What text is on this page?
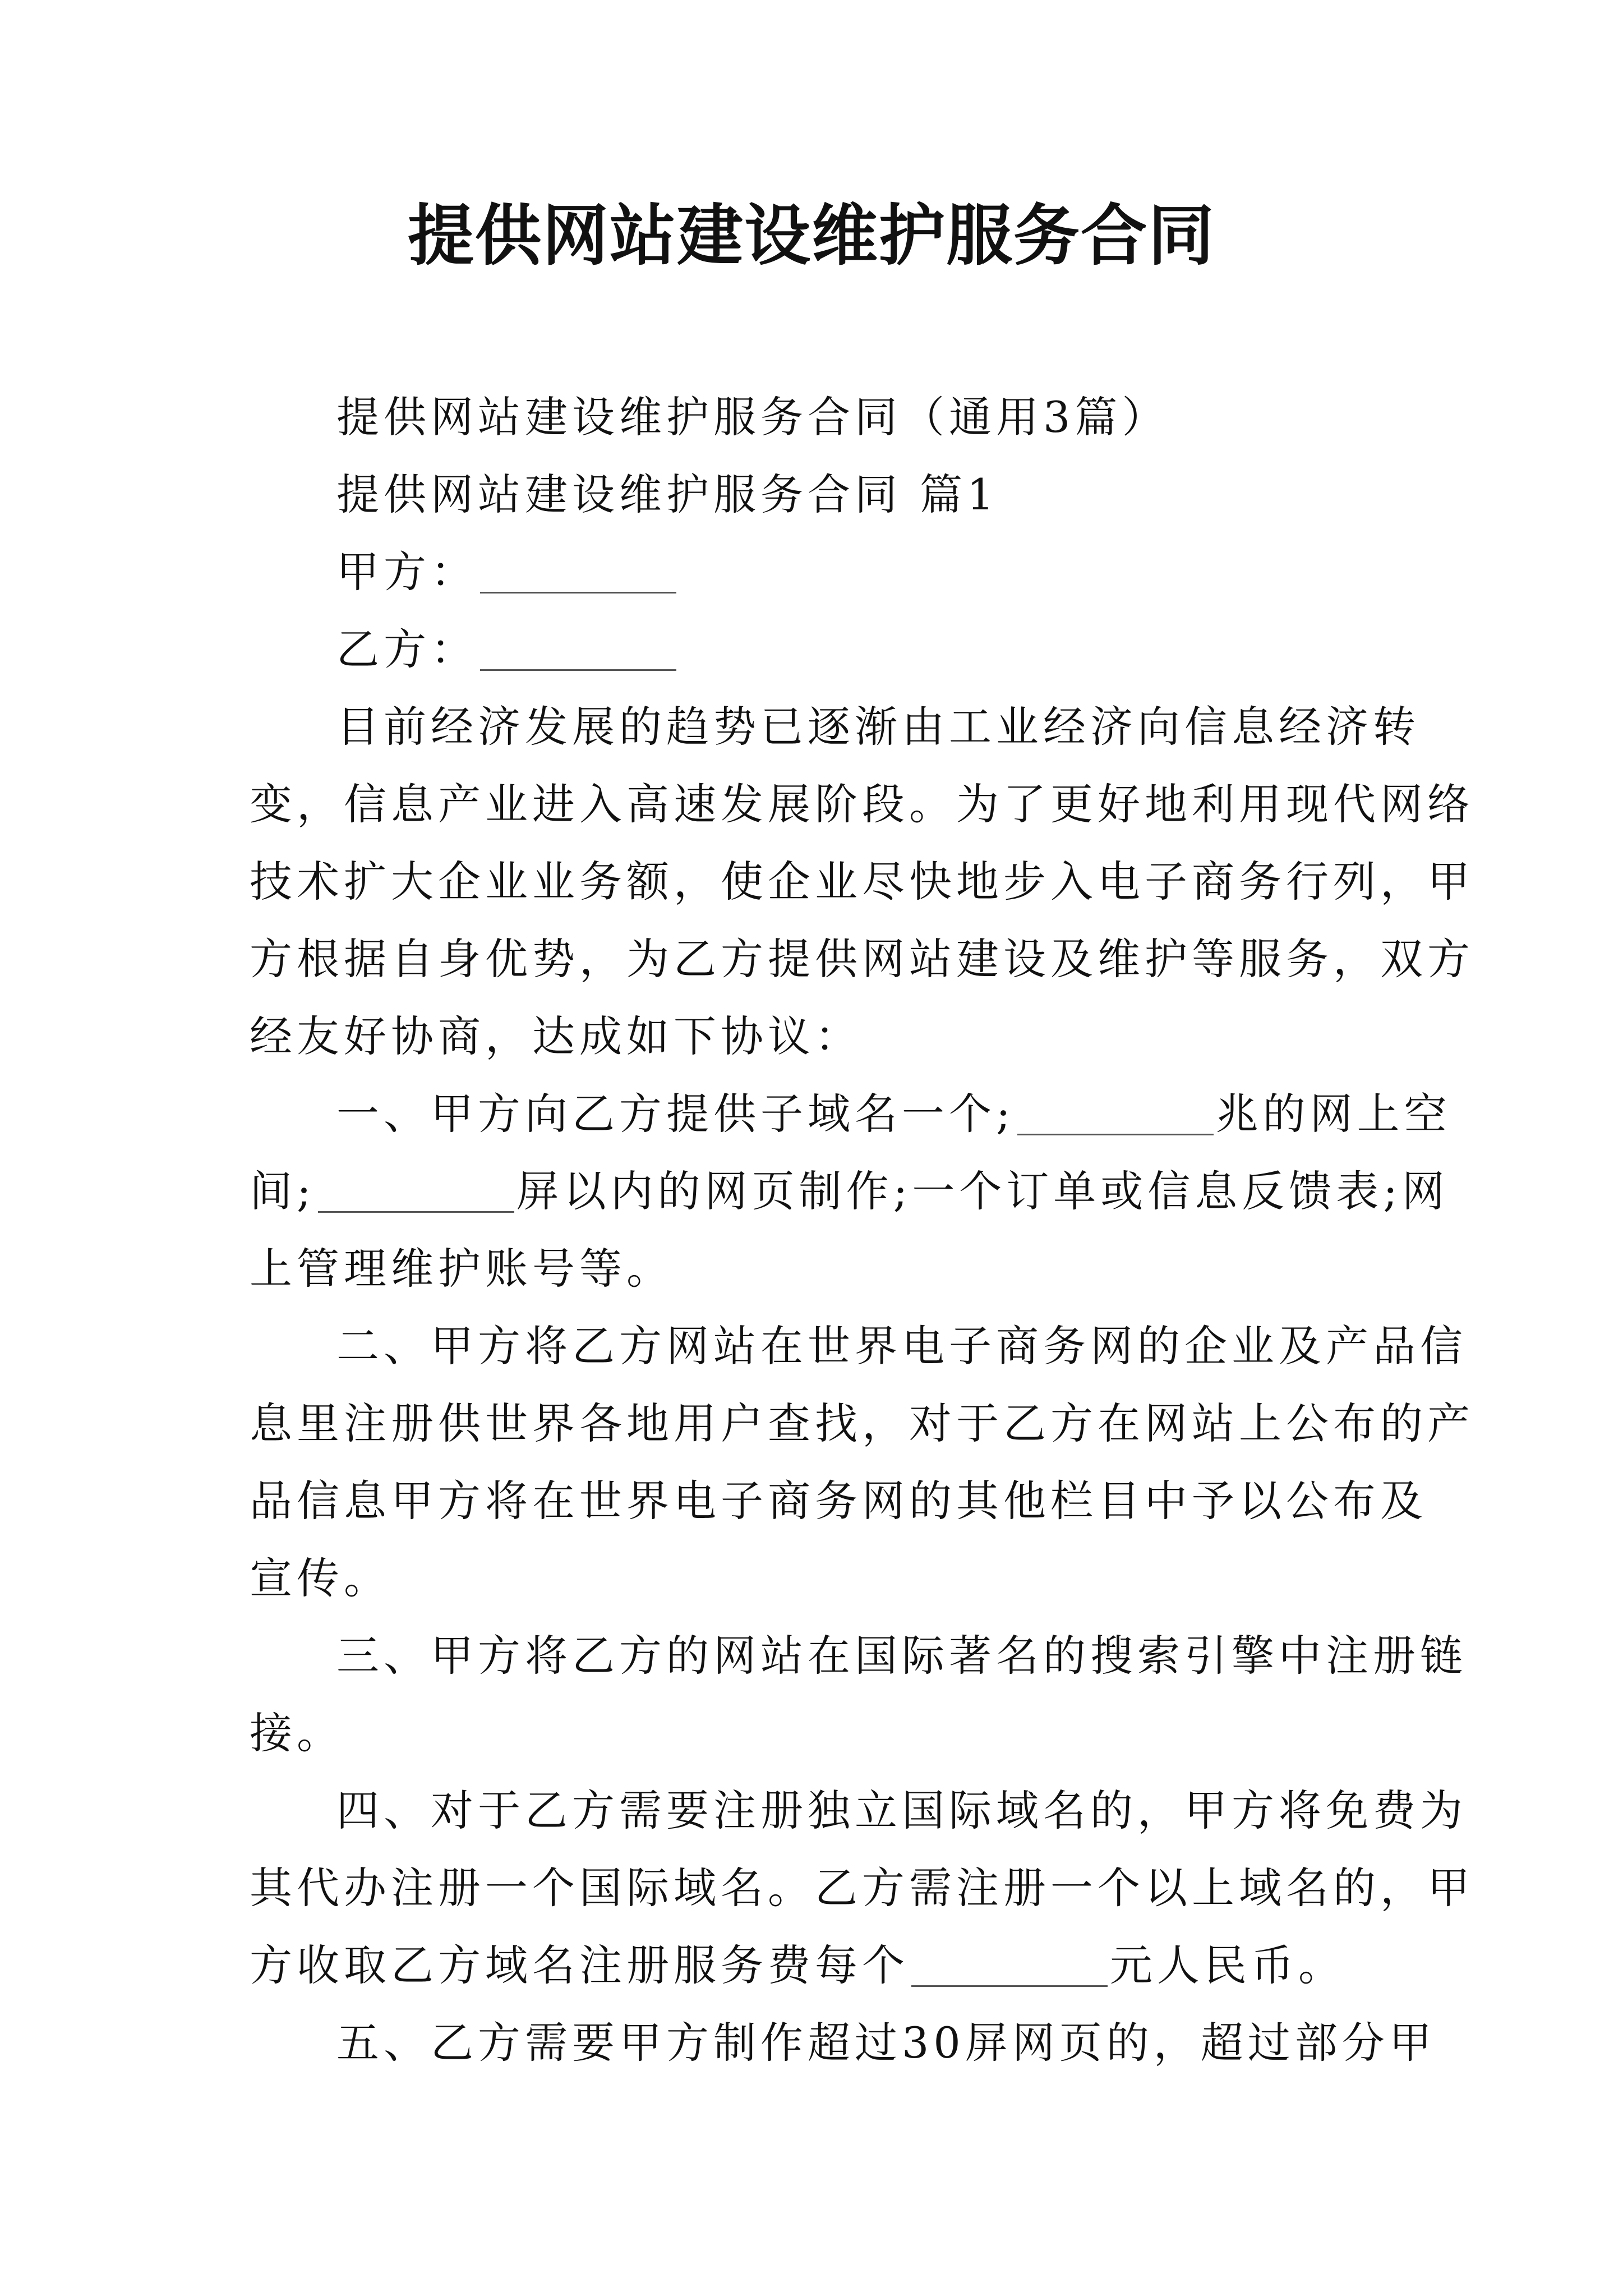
提供网站建设维护服务合同
提供网站建设维护服务合同（通用3篇）
提供网站建设维护服务合同 篇1
甲方：
乙方：
目前经济发展的趋势已逐渐由工业经济向信息经济转
变，信息产业进入高速发展阶段。为了更好地利用现代网络
技术扩大企业业务额，使企业尽快地步入电子商务行列，甲
方根据自身优势，为乙方提供网站建设及维护等服务，双方
经友好协商，达成如下协议：
一、甲方向乙方提供子域名一个;	兆的网上空
间;	屏以内的网页制作;一个订单或信息反馈表;网
上管理维护账号等。
二、甲方将乙方网站在世界电子商务网的企业及产品信
息里注册供世界各地用户查找，对于乙方在网站上公布的产
品信息甲方将在世界电子商务网的其他栏目中予以公布及
宣传。
三、甲方将乙方的网站在国际著名的搜索引擎中注册链
接。
四、对于乙方需要注册独立国际域名的，甲方将免费为
其代办注册一个国际域名。乙方需注册一个以上域名的，甲
方收取乙方域名注册服务费每个	元人民币。
五、乙方需要甲方制作超过30屏网页的，超过部分甲
